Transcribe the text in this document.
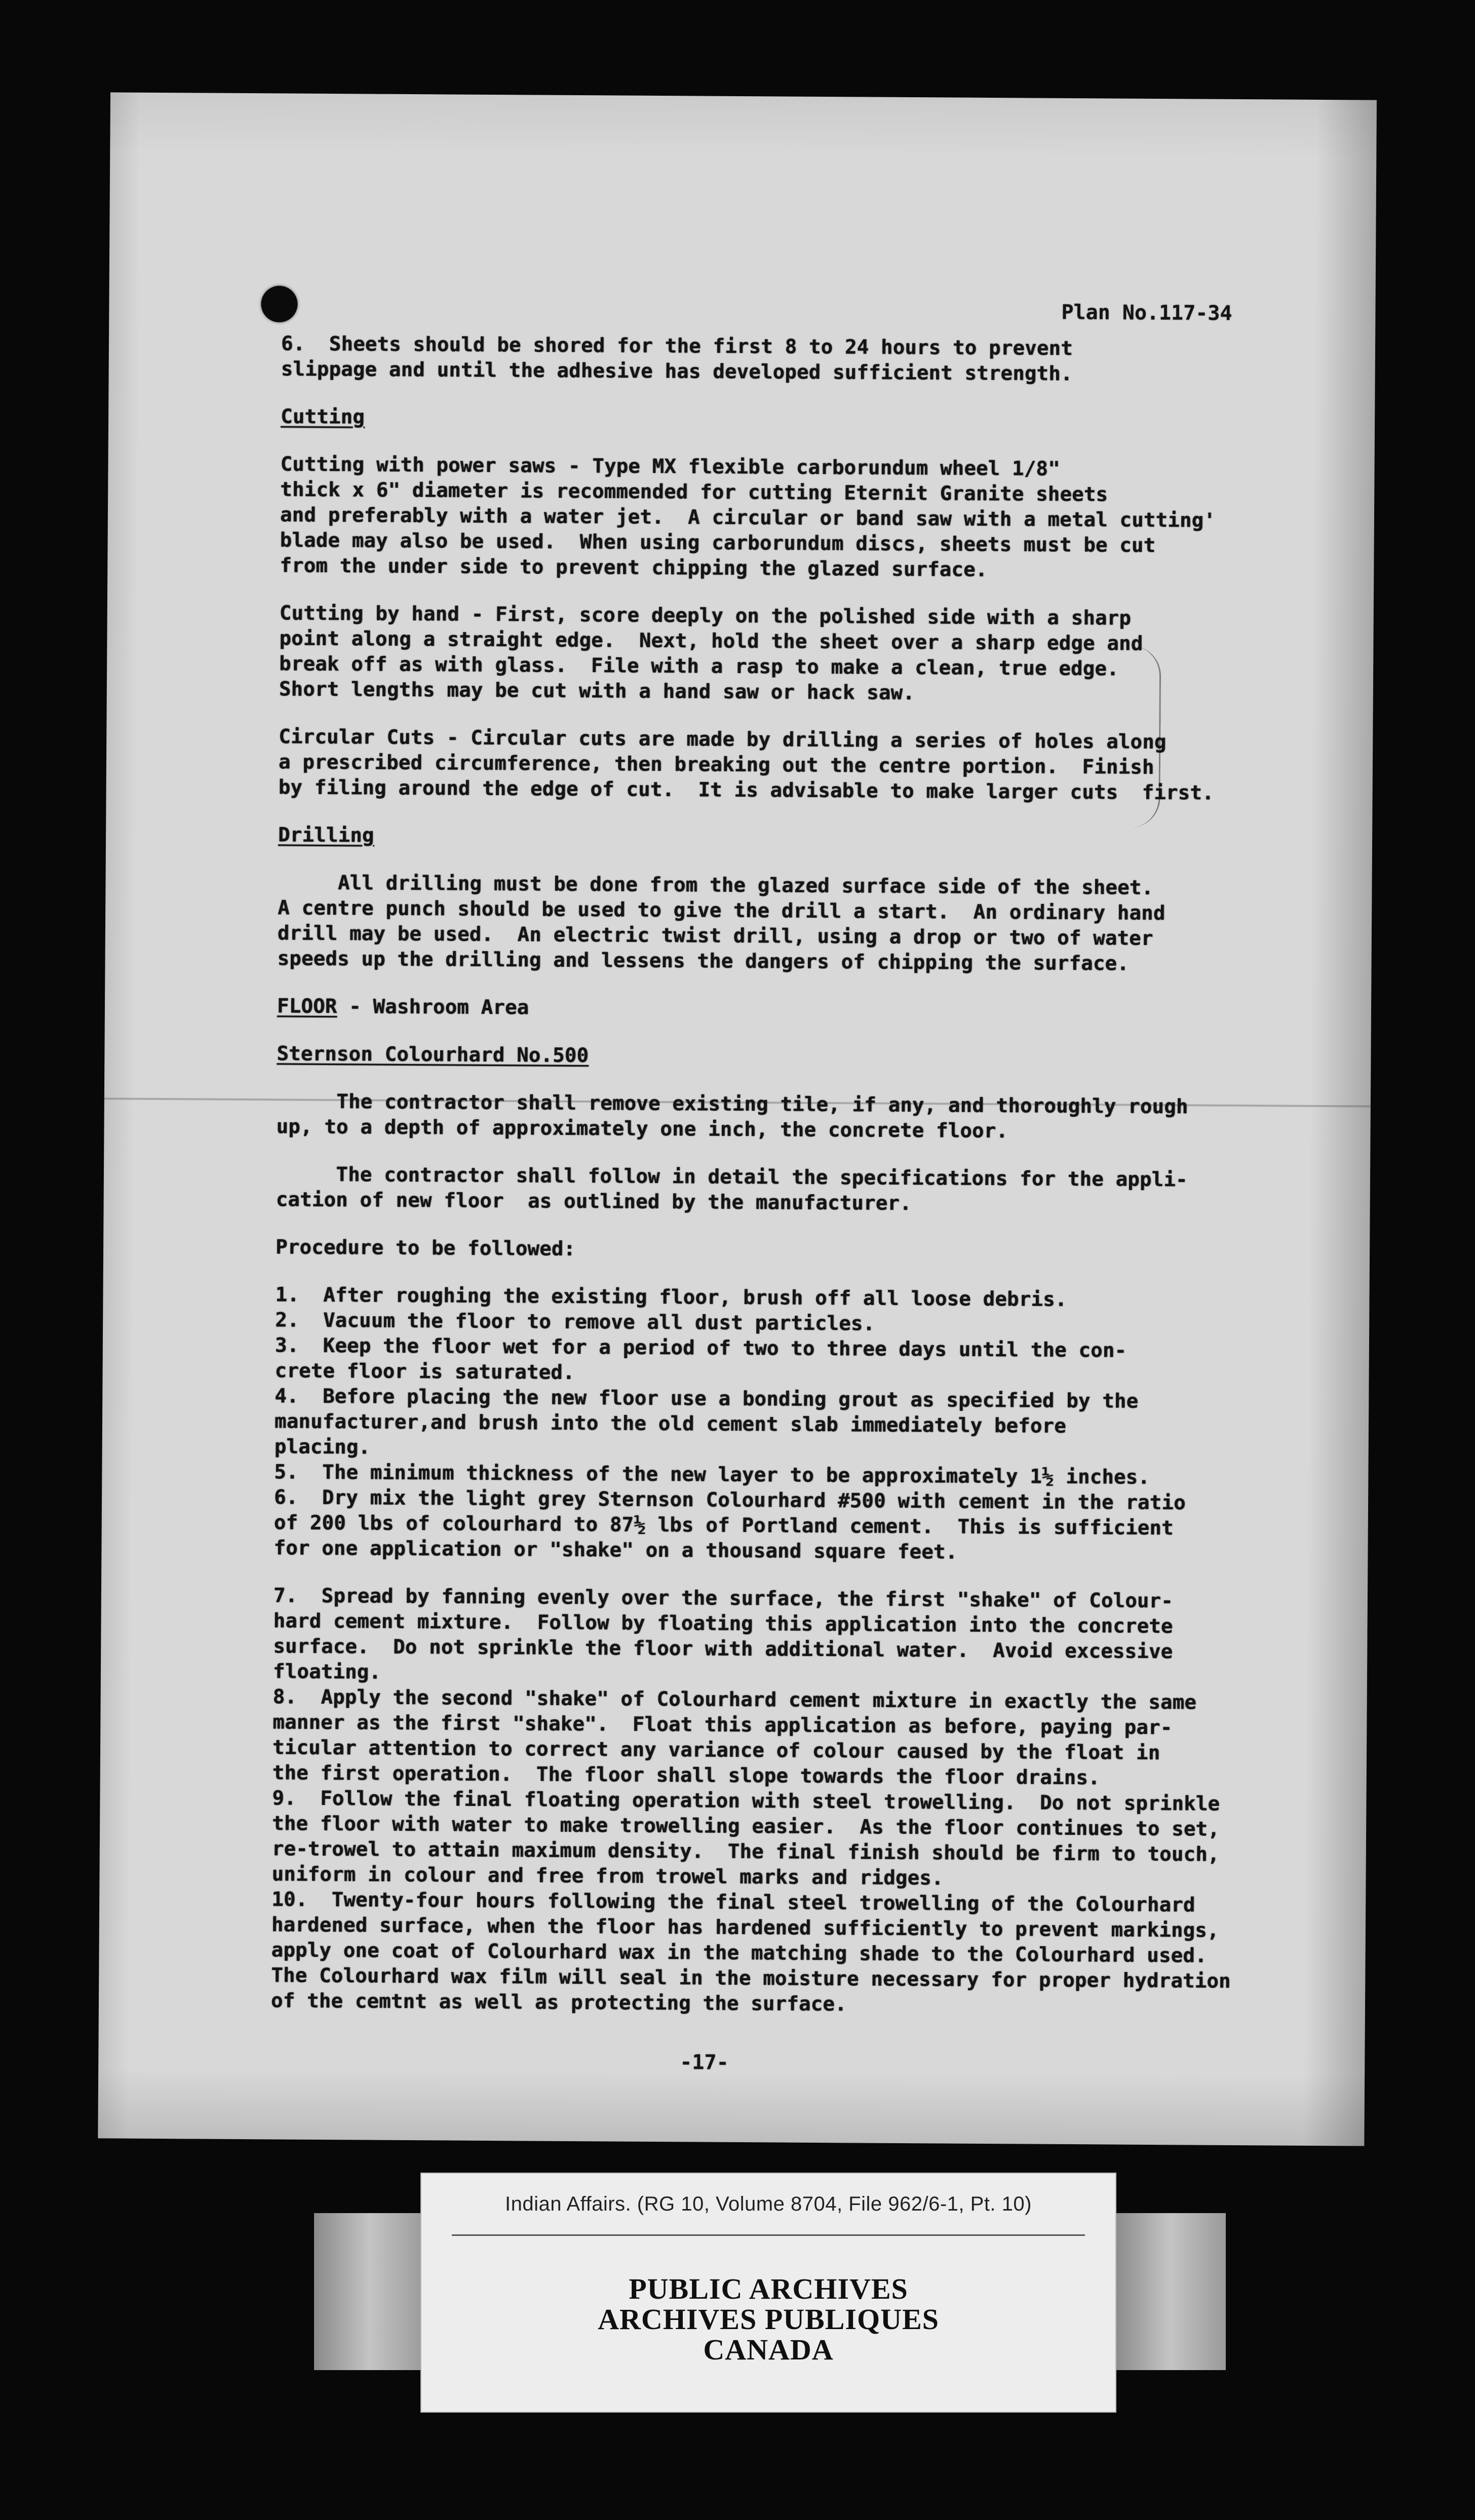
Plan No.117-34
6.  Sheets should be shored for the first 8 to 24 hours to prevent
slippage and until the adhesive has developed sufficient strength.
Cutting
Cutting with power saws - Type MX flexible carborundum wheel 1/8"
thick x 6" diameter is recommended for cutting Eternit Granite sheets
and preferably with a water jet.  A circular or band saw with a metal cutting'
blade may also be used.  When using carborundum discs, sheets must be cut
from the under side to prevent chipping the glazed surface.
Cutting by hand - First, score deeply on the polished side with a sharp
point along a straight edge.  Next, hold the sheet over a sharp edge and
break off as with glass.  File with a rasp to make a clean, true edge.
Short lengths may be cut with a hand saw or hack saw.
Circular Cuts - Circular cuts are made by drilling a series of holes along
a prescribed circumference, then breaking out the centre portion.  Finish
by filing around the edge of cut.  It is advisable to make larger cuts  first.
Drilling
All drilling must be done from the glazed surface side of the sheet.
A centre punch should be used to give the drill a start.  An ordinary hand
drill may be used.  An electric twist drill, using a drop or two of water
speeds up the drilling and lessens the dangers of chipping the surface.
FLOOR - Washroom Area
Sternson Colourhard No.500
The contractor shall remove existing tile, if any, and thoroughly rough
up, to a depth of approximately one inch, the concrete floor.
The contractor shall follow in detail the specifications for the appli-
cation of new floor  as outlined by the manufacturer.
Procedure to be followed:
1.  After roughing the existing floor, brush off all loose debris.
2.  Vacuum the floor to remove all dust particles.
3.  Keep the floor wet for a period of two to three days until the con-
crete floor is saturated.
4.  Before placing the new floor use a bonding grout as specified by the
manufacturer,and brush into the old cement slab immediately before
placing.
5.  The minimum thickness of the new layer to be approximately 1½ inches.
6.  Dry mix the light grey Sternson Colourhard #500 with cement in the ratio
of 200 lbs of colourhard to 87½ lbs of Portland cement.  This is sufficient
for one application or "shake" on a thousand square feet.
7.  Spread by fanning evenly over the surface, the first "shake" of Colour-
hard cement mixture.  Follow by floating this application into the concrete
surface.  Do not sprinkle the floor with additional water.  Avoid excessive
floating.
8.  Apply the second "shake" of Colourhard cement mixture in exactly the same
manner as the first "shake".  Float this application as before, paying par-
ticular attention to correct any variance of colour caused by the float in
the first operation.  The floor shall slope towards the floor drains.
9.  Follow the final floating operation with steel trowelling.  Do not sprinkle
the floor with water to make trowelling easier.  As the floor continues to set,
re-trowel to attain maximum density.  The final finish should be firm to touch,
uniform in colour and free from trowel marks and ridges.
10.  Twenty-four hours following the final steel trowelling of the Colourhard
hardened surface, when the floor has hardened sufficiently to prevent markings,
apply one coat of Colourhard wax in the matching shade to the Colourhard used.
The Colourhard wax film will seal in the moisture necessary for proper hydration
of the cemtnt as well as protecting the surface.
-17-
Indian Affairs. (RG 10, Volume 8704, File 962/6-1, Pt. 10)
PUBLIC ARCHIVES
ARCHIVES PUBLIQUES
CANADA
